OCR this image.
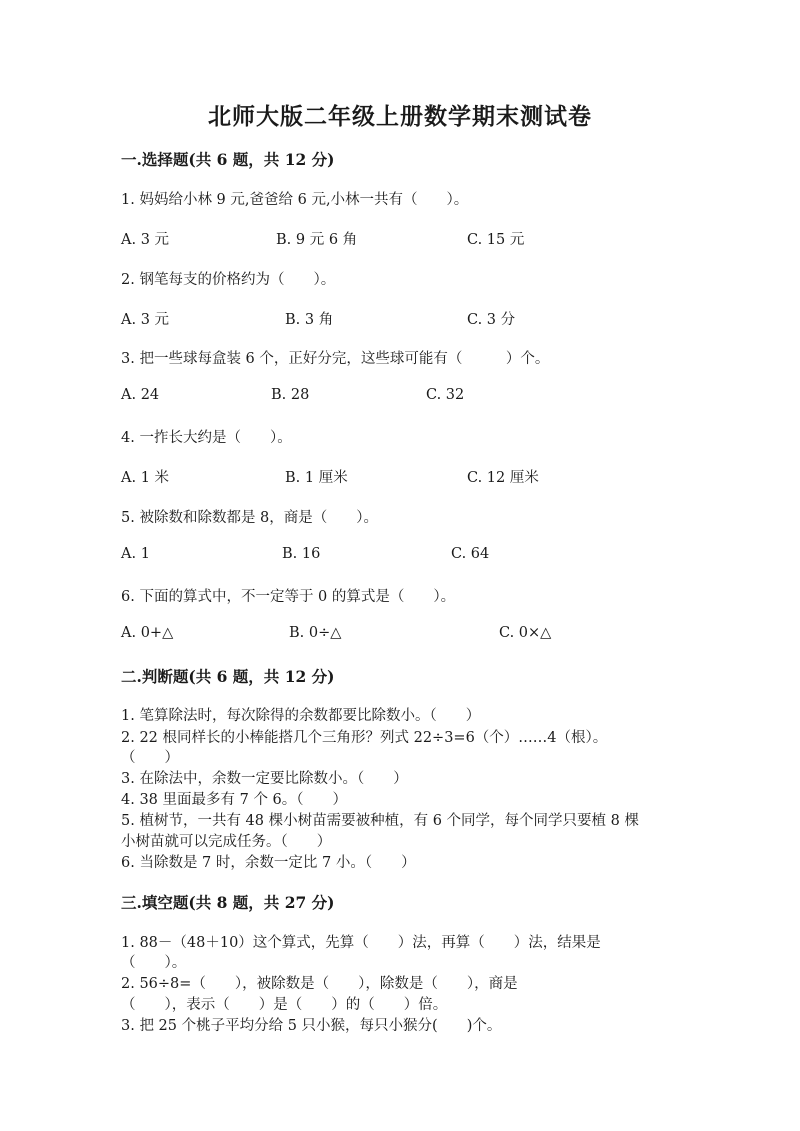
北师大版二年级上册数学期末测试卷
一.选择题(共 6 题，共 12 分)
1. 妈妈给小林 9 元,爸爸给 6 元,小林一共有（　　）。
A. 3 元	B. 9 元 6 角	C. 15 元
2. 钢笔每支的价格约为（　　）。
A. 3 元	B. 3 角	C. 3 分
3. 把一些球每盒装 6 个，正好分完，这些球可能有（　　　）个。
A. 24	B. 28	C. 32
4. 一拃长大约是（　　）。
A. 1 米	B. 1 厘米	C. 12 厘米
5. 被除数和除数都是 8，商是（　　）。
A. 1	B. 16	C. 64
6. 下面的算式中，不一定等于 0 的算式是（　　）。
A. 0+△	B. 0÷△	C. 0×△
二.判断题(共 6 题，共 12 分)
1. 笔算除法时，每次除得的余数都要比除数小。（　　）
2. 22 根同样长的小棒能搭几个三角形？列式 22÷3=6（个）……4（根）。
（　　）
3. 在除法中，余数一定要比除数小。（　　）
4. 38 里面最多有 7 个 6。（　　）
5. 植树节，一共有 48 棵小树苗需要被种植，有 6 个同学，每个同学只要植 8 棵
小树苗就可以完成任务。（　　）
6. 当除数是 7 时，余数一定比 7 小。（　　）
三.填空题(共 8 题，共 27 分)
1. 88－（48＋10）这个算式，先算（　　）法，再算（　　）法，结果是
（　　）。
2. 56÷8=（　　），被除数是（　　），除数是（　　），商是
（　　），表示（　　）是（　　）的（　　）倍。
3. 把 25 个桃子平均分给 5 只小猴，每只小猴分(　　)个。
